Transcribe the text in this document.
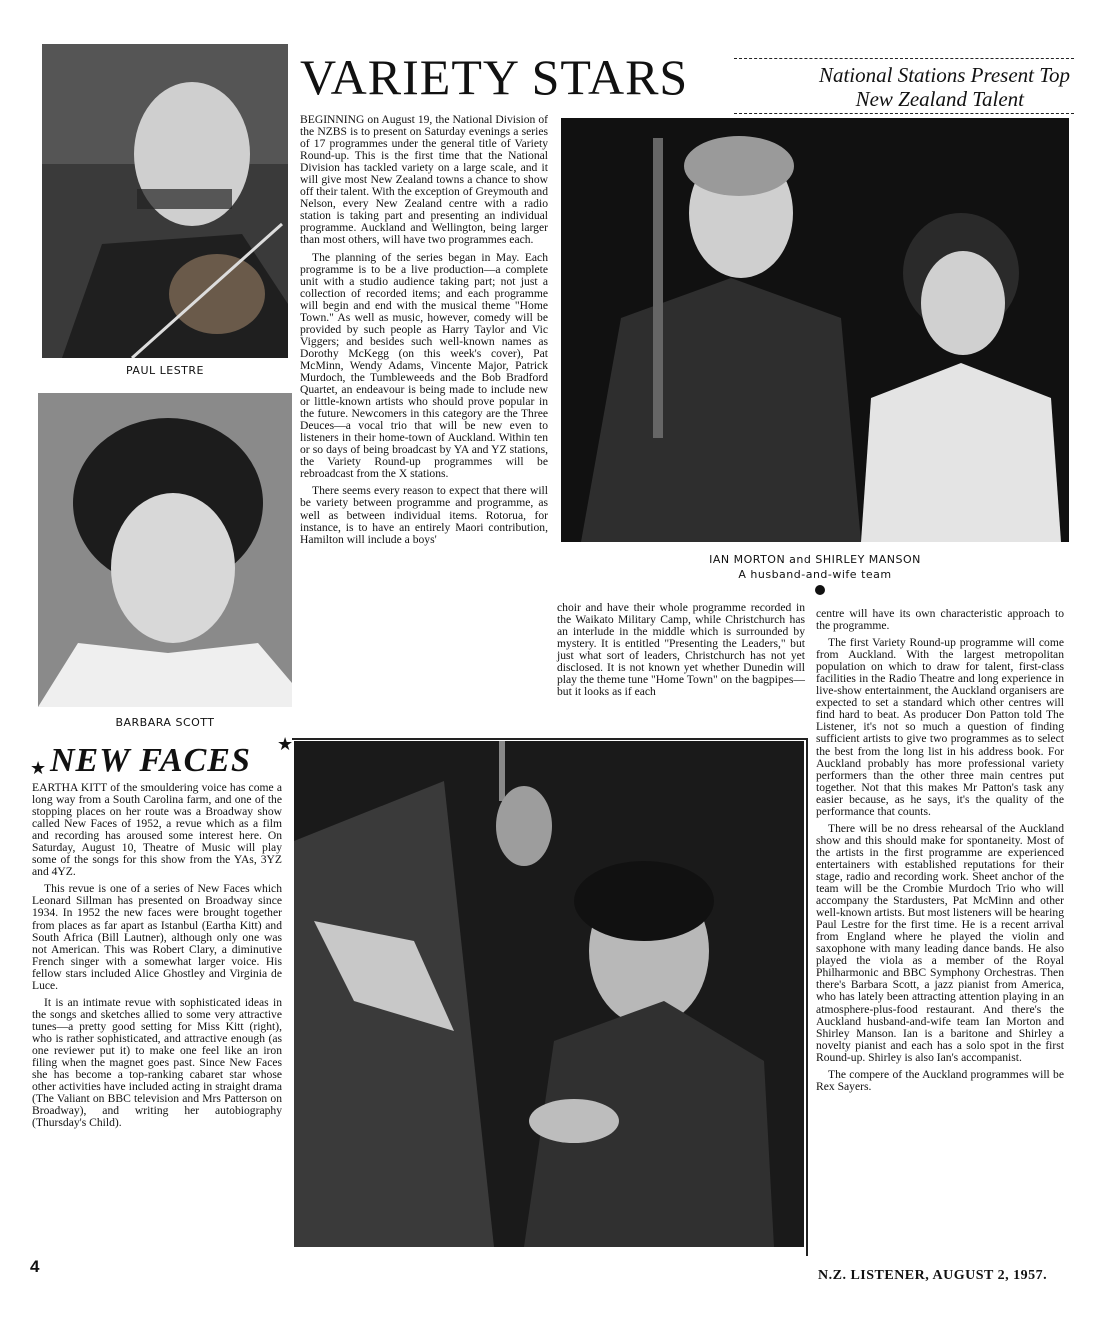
PAUL LESTRE
BARBARA SCOTT
VARIETY STARS	National Stations Present Top
New Zealand Talent

BEGINNING on August 19, the National Division of the NZBS is to present on Saturday evenings a series of 17 programmes under the general title of Variety Round-up. This is the first time that the National Division has tackled variety on a large scale, and it will give most New Zealand towns a chance to show off their talent. With the exception of Greymouth and Nelson, every New Zealand centre with a radio station is taking part and presenting an individual programme. Auckland and Wellington, being larger than most others, will have two programmes each.

The planning of the series began in May. Each programme is to be a live production—a complete unit with a studio audience taking part; not just a collection of recorded items; and each programme will begin and end with the musical theme "Home Town." As well as music, however, comedy will be provided by such people as Harry Taylor and Vic Viggers; and besides such well-known names as Dorothy McKegg (on this week's cover), Pat McMinn, Wendy Adams, Vincente Major, Patrick Murdoch, the Tumbleweeds and the Bob Bradford Quartet, an endeavour is being made to include new or little-known artists who should prove popular in the future. Newcomers in this category are the Three Deuces—a vocal trio that will be new even to listeners in their home-town of Auckland. Within ten or so days of being broadcast by YA and YZ stations, the Variety Round-up programmes will be rebroadcast from the X stations.

There seems every reason to expect that there will be variety between programme and programme, as well as between individual items. Rotorua, for instance, is to have an entirely Maori contribution, Hamilton will include a boys'

IAN MORTON and SHIRLEY MANSON
A husband-and-wife team

choir and have their whole programme recorded in the Waikato Military Camp, while Christchurch has an interlude in the middle which is surrounded by mystery. It is entitled "Presenting the Leaders," but just what sort of leaders, Christchurch has not yet disclosed. It is not known yet whether Dunedin will play the theme tune "Home Town" on the bagpipes—but it looks as if each

centre will have its own characteristic approach to the programme.

The first Variety Round-up programme will come from Auckland. With the largest metropolitan population on which to draw for talent, first-class facilities in the Radio Theatre and long experience in live-show entertainment, the Auckland organisers are expected to set a standard which other centres will find hard to beat. As producer Don Patton told The Listener, it's not so much a question of finding sufficient artists to give two programmes as to select the best from the long list in his address book. For Auckland probably has more professional variety performers than the other three main centres put together. Not that this makes Mr Patton's task any easier because, as he says, it's the quality of the performance that counts.

There will be no dress rehearsal of the Auckland show and this should make for spontaneity. Most of the artists in the first programme are experienced entertainers with established reputations for their stage, radio and recording work. Sheet anchor of the team will be the Crombie Murdoch Trio who will accompany the Stardusters, Pat McMinn and other well-known artists. But most listeners will be hearing Paul Lestre for the first time. He is a recent arrival from England where he played the violin and saxophone with many leading dance bands. He also played the viola as a member of the Royal Philharmonic and BBC Symphony Orchestras. Then there's Barbara Scott, a jazz pianist from America, who has lately been attracting attention playing in an atmosphere-plus-food restaurant. And there's the Auckland husband-and-wife team Ian Morton and Shirley Manson. Ian is a baritone and Shirley a novelty pianist and each has a solo spot in the first Round-up. Shirley is also Ian's accompanist.

The compere of the Auckland programmes will be Rex Sayers.

★ NEW FACES ★

EARTHA KITT of the smouldering voice has come a long way from a South Carolina farm, and one of the stopping places on her route was a Broadway show called New Faces of 1952, a revue which as a film and recording has aroused some interest here. On Saturday, August 10, Theatre of Music will play some of the songs for this show from the YAs, 3YZ and 4YZ.

This revue is one of a series of New Faces which Leonard Sillman has presented on Broadway since 1934. In 1952 the new faces were brought together from places as far apart as Istanbul (Eartha Kitt) and South Africa (Bill Lautner), although only one was not American. This was Robert Clary, a diminutive French singer with a somewhat larger voice. His fellow stars included Alice Ghostley and Virginia de Luce.

It is an intimate revue with sophisticated ideas in the songs and sketches allied to some very attractive tunes—a pretty good setting for Miss Kitt (right), who is rather sophisticated, and attractive enough (as one reviewer put it) to make one feel like an iron filing when the magnet goes past. Since New Faces she has become a top-ranking cabaret star whose other activities have included acting in straight drama (The Valiant on BBC television and Mrs Patterson on Broadway), and writing her autobiography (Thursday's Child).

4	N.Z. LISTENER, AUGUST 2, 1957.
